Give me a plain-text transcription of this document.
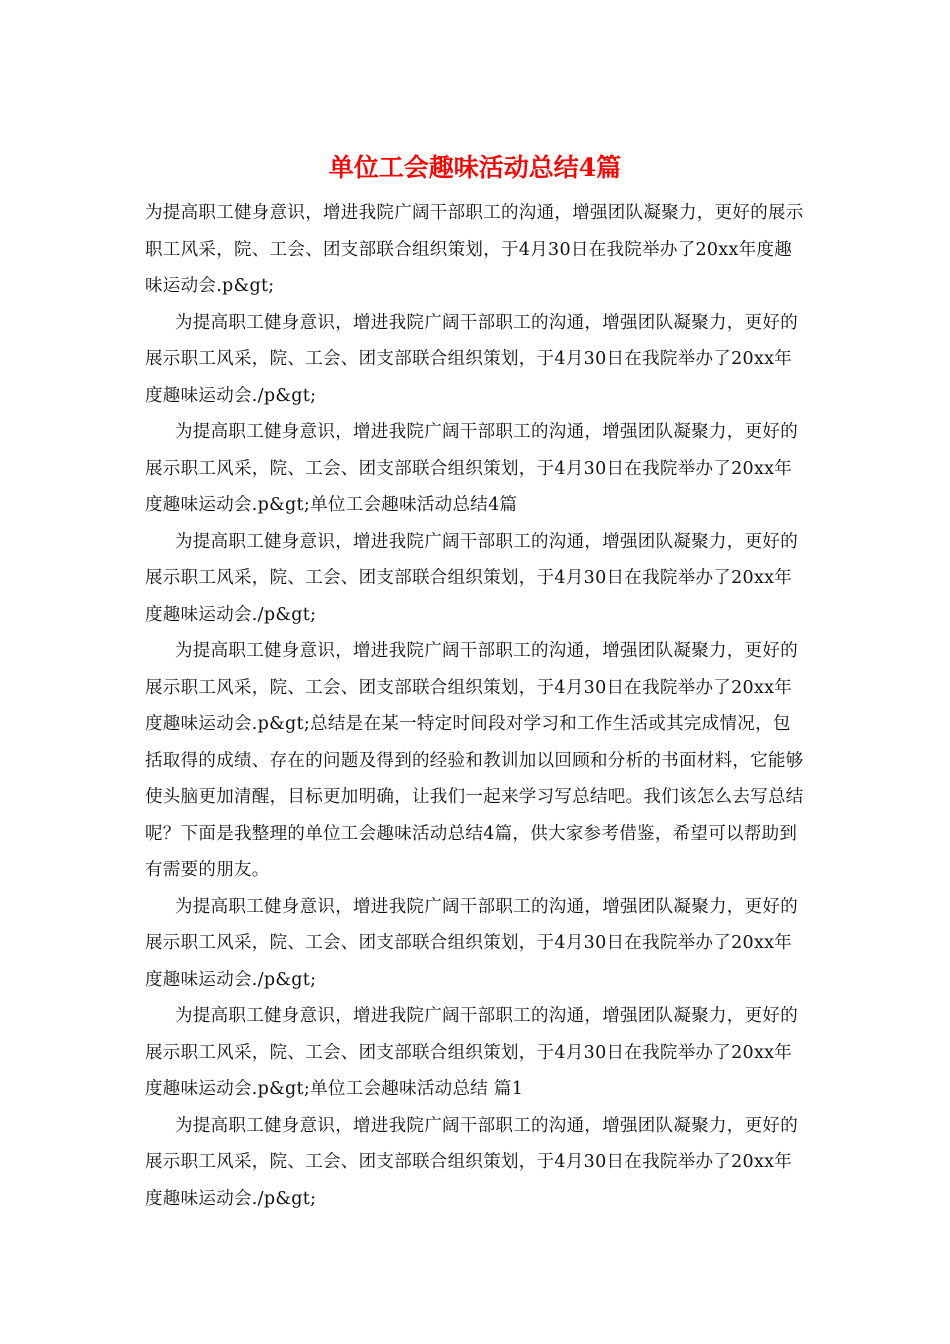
单位工会趣味活动总结4篇

为提高职工健身意识，增进我院广阔干部职工的沟通，增强团队凝聚力，更好的展示职工风采，院、工会、团支部联合组织策划，于4月30日在我院举办了20xx年度趣味运动会.p&gt;

为提高职工健身意识，增进我院广阔干部职工的沟通，增强团队凝聚力，更好的展示职工风采，院、工会、团支部联合组织策划，于4月30日在我院举办了20xx年度趣味运动会./p&gt;

为提高职工健身意识，增进我院广阔干部职工的沟通，增强团队凝聚力，更好的展示职工风采，院、工会、团支部联合组织策划，于4月30日在我院举办了20xx年度趣味运动会.p&gt;单位工会趣味活动总结4篇

为提高职工健身意识，增进我院广阔干部职工的沟通，增强团队凝聚力，更好的展示职工风采，院、工会、团支部联合组织策划，于4月30日在我院举办了20xx年度趣味运动会./p&gt;

为提高职工健身意识，增进我院广阔干部职工的沟通，增强团队凝聚力，更好的展示职工风采，院、工会、团支部联合组织策划，于4月30日在我院举办了20xx年度趣味运动会.p&gt;总结是在某一特定时间段对学习和工作生活或其完成情况，包括取得的成绩、存在的问题及得到的经验和教训加以回顾和分析的书面材料，它能够使头脑更加清醒，目标更加明确，让我们一起来学习写总结吧。我们该怎么去写总结呢？下面是我整理的单位工会趣味活动总结4篇，供大家参考借鉴，希望可以帮助到有需要的朋友。

为提高职工健身意识，增进我院广阔干部职工的沟通，增强团队凝聚力，更好的展示职工风采，院、工会、团支部联合组织策划，于4月30日在我院举办了20xx年度趣味运动会./p&gt;

为提高职工健身意识，增进我院广阔干部职工的沟通，增强团队凝聚力，更好的展示职工风采，院、工会、团支部联合组织策划，于4月30日在我院举办了20xx年度趣味运动会.p&gt;单位工会趣味活动总结 篇1

为提高职工健身意识，增进我院广阔干部职工的沟通，增强团队凝聚力，更好的展示职工风采，院、工会、团支部联合组织策划，于4月30日在我院举办了20xx年度趣味运动会./p&gt;
